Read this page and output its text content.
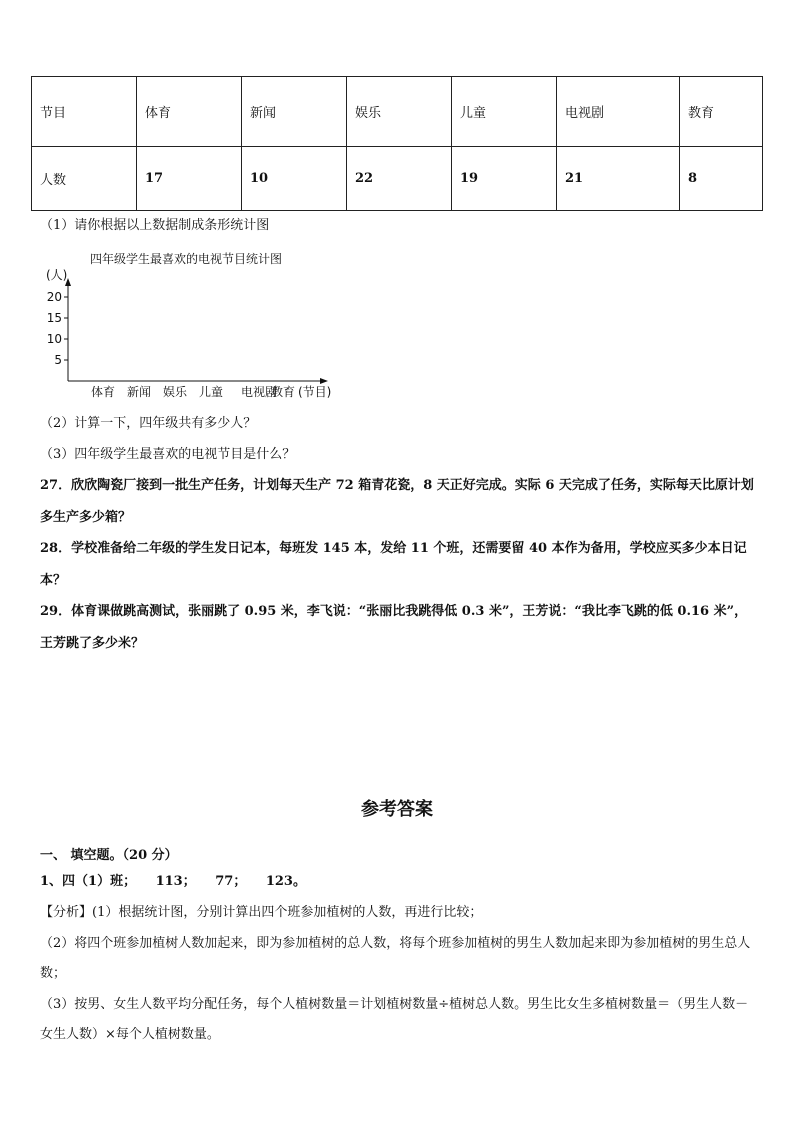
节目	体育	新闻	娱乐	儿童	电视剧	教育
人数	17	10	22	19	21	8
（1）请你根据以上数据制成条形统计图
四年级学生最喜欢的电视节目统计图
(人)
5
10
15
20
体育 新闻 娱乐 儿童 电视剧
教育 (节目)
（2）计算一下，四年级共有多少人？
（3）四年级学生最喜欢的电视节目是什么？
27．欣欣陶瓷厂接到一批生产任务，计划每天生产 72 箱青花瓷，8 天正好完成。实际 6 天完成了任务，实际每天比原计划多生产多少箱？
28．学校准备给二年级的学生发日记本，每班发 145 本，发给 11 个班，还需要留 40 本作为备用，学校应买多少本日记本？
29．体育课做跳高测试，张丽跳了 0.95 米，李飞说：“张丽比我跳得低 0.3 米”，王芳说：“我比李飞跳的低 0.16 米”，王芳跳了多少米？
参考答案
一、 填空题。（20 分）
1、四（1）班；　　113；　　77；　　123。
【分析】(1）根据统计图，分别计算出四个班参加植树的人数，再进行比较；
（2）将四个班参加植树人数加起来，即为参加植树的总人数，将每个班参加植树的男生人数加起来即为参加植树的男生总人数；
（3）按男、女生人数平均分配任务，每个人植树数量＝计划植树数量÷植树总人数。男生比女生多植树数量＝（男生人数－女生人数）×每个人植树数量。
